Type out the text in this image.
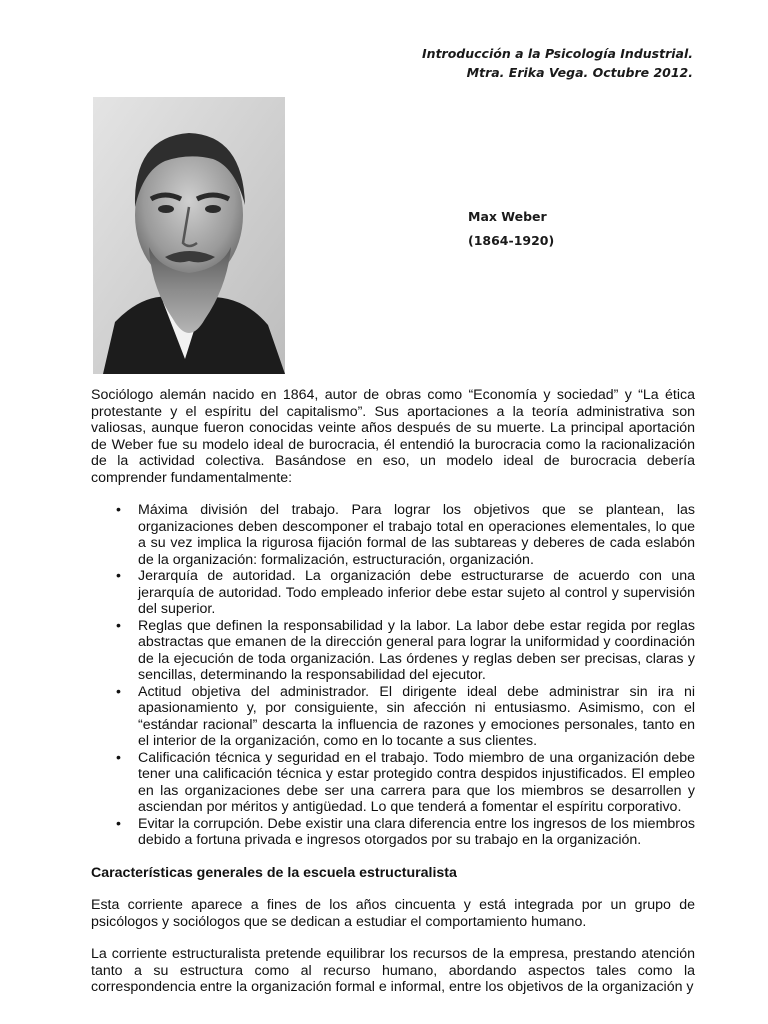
Introducción a la Psicología Industrial.
Mtra. Erika Vega. Octubre 2012.
Max Weber
(1864-1920)

Sociólogo alemán nacido en 1864, autor de obras como “Economía y sociedad” y “La ética protestante y el espíritu del capitalismo”. Sus aportaciones a la teoría administrativa son valiosas, aunque fueron conocidas veinte años después de su muerte. La principal aportación de Weber fue su modelo ideal de burocracia, él entendió la burocracia como la racionalización de la actividad colectiva. Basándose en eso, un modelo ideal de burocracia debería comprender fundamentalmente:

• Máxima división del trabajo. Para lograr los objetivos que se plantean, las organizaciones deben descomponer el trabajo total en operaciones elementales, lo que a su vez implica la rigurosa fijación formal de las subtareas y deberes de cada eslabón de la organización: formalización, estructuración, organización.
• Jerarquía de autoridad. La organización debe estructurarse de acuerdo con una jerarquía de autoridad. Todo empleado inferior debe estar sujeto al control y supervisión del superior.
• Reglas que definen la responsabilidad y la labor. La labor debe estar regida por reglas abstractas que emanen de la dirección general para lograr la uniformidad y coordinación de la ejecución de toda organización. Las órdenes y reglas deben ser precisas, claras y sencillas, determinando la responsabilidad del ejecutor.
• Actitud objetiva del administrador. El dirigente ideal debe administrar sin ira ni apasionamiento y, por consiguiente, sin afección ni entusiasmo. Asimismo, con el “estándar racional” descarta la influencia de razones y emociones personales, tanto en el interior de la organización, como en lo tocante a sus clientes.
• Calificación técnica y seguridad en el trabajo. Todo miembro de una organización debe tener una calificación técnica y estar protegido contra despidos injustificados. El empleo en las organizaciones debe ser una carrera para que los miembros se desarrollen y asciendan por méritos y antigüedad. Lo que tenderá a fomentar el espíritu corporativo.
• Evitar la corrupción. Debe existir una clara diferencia entre los ingresos de los miembros debido a fortuna privada e ingresos otorgados por su trabajo en la organización.

Características generales de la escuela estructuralista

Esta corriente aparece a fines de los años cincuenta y está integrada por un grupo de psicólogos y sociólogos que se dedican a estudiar el comportamiento humano.

La corriente estructuralista pretende equilibrar los recursos de la empresa, prestando atención tanto a su estructura como al recurso humano, abordando aspectos tales como la correspondencia entre la organización formal e informal, entre los objetivos de la organización y
